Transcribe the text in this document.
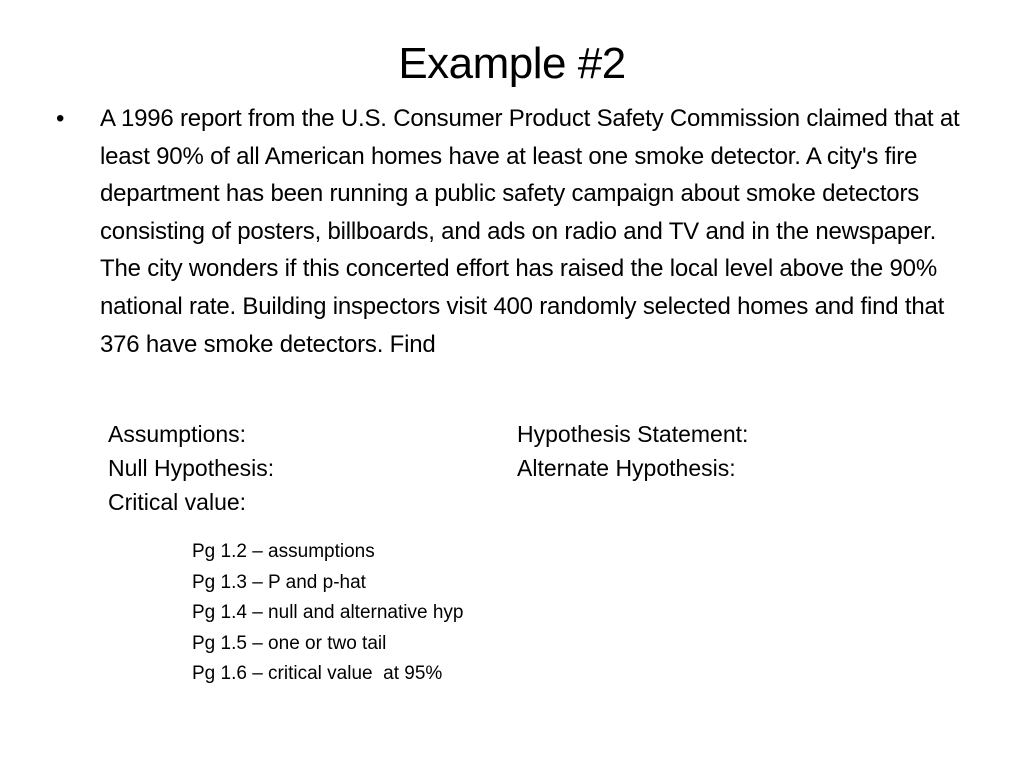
Example #2
• A 1996 report from the U.S. Consumer Product Safety Commission claimed that at least 90% of all American homes have at least one smoke detector. A city's fire department has been running a public safety campaign about smoke detectors consisting of posters, billboards, and ads on radio and TV and in the newspaper. The city wonders if this concerted effort has raised the local level above the 90% national rate. Building inspectors visit 400 randomly selected homes and find that 376 have smoke detectors. Find
Assumptions:	Hypothesis Statement:
Null Hypothesis:	Alternate Hypothesis:
Critical value:
Pg 1.2 – assumptions
Pg 1.3 – P and p-hat
Pg 1.4 – null and alternative hyp
Pg 1.5 – one or two tail
Pg 1.6 – critical value  at 95%
